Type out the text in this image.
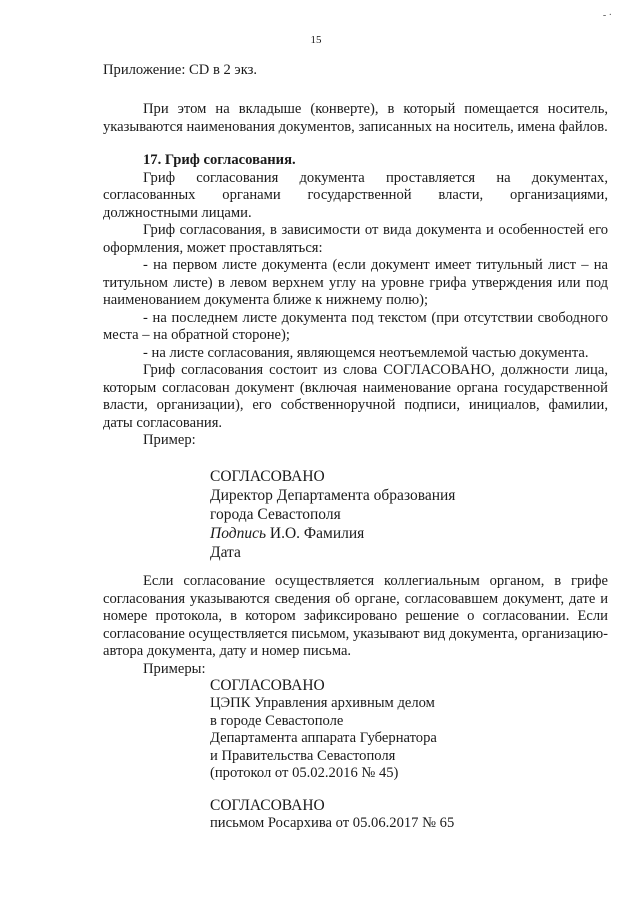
- ·
15
Приложение: CD в 2 экз.

При этом на вкладыше (конверте), в который помещается носитель, указываются наименования документов, записанных на носитель, имена файлов.

17. Гриф согласования.

Гриф согласования документа проставляется на документах, согласованных органами государственной власти, организациями, должностными лицами.

Гриф согласования, в зависимости от вида документа и особенностей его оформления, может проставляться:

- на первом листе документа (если документ имеет титульный лист – на титульном листе) в левом верхнем углу на уровне грифа утверждения или под наименованием документа ближе к нижнему полю);

- на последнем листе документа под текстом (при отсутствии свободного места – на обратной стороне);

- на листе согласования, являющемся неотъемлемой частью документа.

Гриф согласования состоит из слова СОГЛАСОВАНО, должности лица, которым согласован документ (включая наименование органа государственной власти, организации), его собственноручной подписи, инициалов, фамилии, даты согласования.

Пример:

СОГЛАСОВАНО
Директор Департамента образования
города Севастополя
Подпись И.О. Фамилия
Дата

Если согласование осуществляется коллегиальным органом, в грифе согласования указываются сведения об органе, согласовавшем документ, дате и номере протокола, в котором зафиксировано решение о согласовании. Если согласование осуществляется письмом, указывают вид документа, организацию-автора документа, дату и номер письма.

Примеры:

СОГЛАСОВАНО
ЦЭПК Управления архивным делом
в городе Севастополе
Департамента аппарата Губернатора
и Правительства Севастополя
(протокол от 05.02.2016 № 45)
СОГЛАСОВАНО
письмом Росархива от 05.06.2017 № 65
